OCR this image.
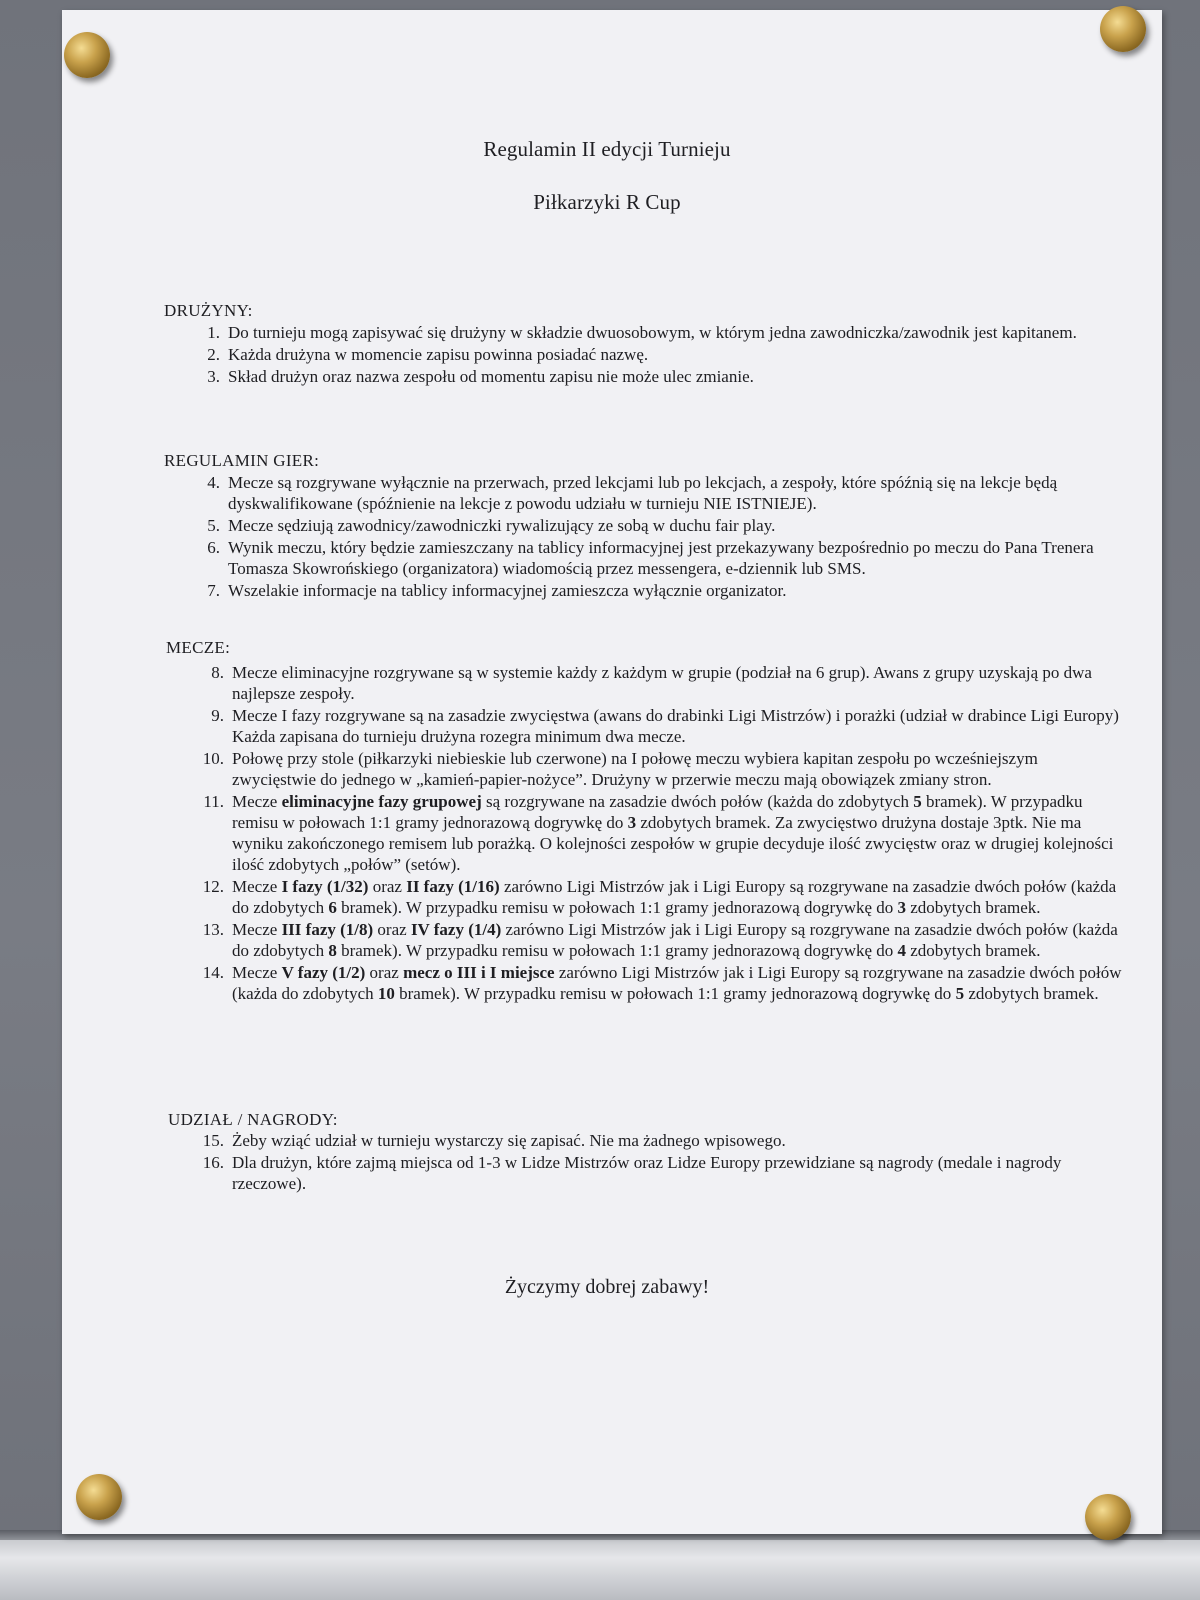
Regulamin II edycji Turnieju
Piłkarzyki R Cup
DRUŻYNY:
1. Do turnieju mogą zapisywać się drużyny w składzie dwuosobowym, w którym jedna zawodniczka/zawodnik jest kapitanem.
2. Każda drużyna w momencie zapisu powinna posiadać nazwę.
3. Skład drużyn oraz nazwa zespołu od momentu zapisu nie może ulec zmianie.
REGULAMIN GIER:
4. Mecze są rozgrywane wyłącznie na przerwach, przed lekcjami lub po lekcjach, a zespoły, które spóźnią się na lekcje będą dyskwalifikowane (spóźnienie na lekcje z powodu udziału w turnieju NIE ISTNIEJE).
5. Mecze sędziują zawodnicy/zawodniczki rywalizujący ze sobą w duchu fair play.
6. Wynik meczu, który będzie zamieszczany na tablicy informacyjnej jest przekazywany bezpośrednio po meczu do Pana Trenera Tomasza Skowrońskiego (organizatora) wiadomością przez messengera, e-dziennik lub SMS.
7. Wszelakie informacje na tablicy informacyjnej zamieszcza wyłącznie organizator.
MECZE:
8. Mecze eliminacyjne rozgrywane są w systemie każdy z każdym w grupie (podział na 6 grup). Awans z grupy uzyskają po dwa najlepsze zespoły.
9. Mecze I fazy rozgrywane są na zasadzie zwycięstwa (awans do drabinki Ligi Mistrzów) i porażki (udział w drabince Ligi Europy) Każda zapisana do turnieju drużyna rozegra minimum dwa mecze.
10. Połowę przy stole (piłkarzyki niebieskie lub czerwone) na I połowę meczu wybiera kapitan zespołu po wcześniejszym zwycięstwie do jednego w „kamień-papier-nożyce”. Drużyny w przerwie meczu mają obowiązek zmiany stron.
11. Mecze eliminacyjne fazy grupowej są rozgrywane na zasadzie dwóch połów (każda do zdobytych 5 bramek). W przypadku remisu w połowach 1:1 gramy jednorazową dogrywkę do 3 zdobytych bramek. Za zwycięstwo drużyna dostaje 3ptk. Nie ma wyniku zakończonego remisem lub porażką. O kolejności zespołów w grupie decyduje ilość zwycięstw oraz w drugiej kolejności ilość zdobytych „połów” (setów).
12. Mecze I fazy (1/32) oraz II fazy (1/16) zarówno Ligi Mistrzów jak i Ligi Europy są rozgrywane na zasadzie dwóch połów (każda do zdobytych 6 bramek). W przypadku remisu w połowach 1:1 gramy jednorazową dogrywkę do 3 zdobytych bramek.
13. Mecze III fazy (1/8) oraz IV fazy (1/4) zarówno Ligi Mistrzów jak i Ligi Europy są rozgrywane na zasadzie dwóch połów (każda do zdobytych 8 bramek). W przypadku remisu w połowach 1:1 gramy jednorazową dogrywkę do 4 zdobytych bramek.
14. Mecze V fazy (1/2) oraz mecz o III i I miejsce zarówno Ligi Mistrzów jak i Ligi Europy są rozgrywane na zasadzie dwóch połów (każda do zdobytych 10 bramek). W przypadku remisu w połowach 1:1 gramy jednorazową dogrywkę do 5 zdobytych bramek.
UDZIAŁ / NAGRODY:
15. Żeby wziąć udział w turnieju wystarczy się zapisać. Nie ma żadnego wpisowego.
16. Dla drużyn, które zajmą miejsca od 1-3 w Lidze Mistrzów oraz Lidze Europy przewidziane są nagrody (medale i nagrody rzeczowe).
Życzymy dobrej zabawy!
